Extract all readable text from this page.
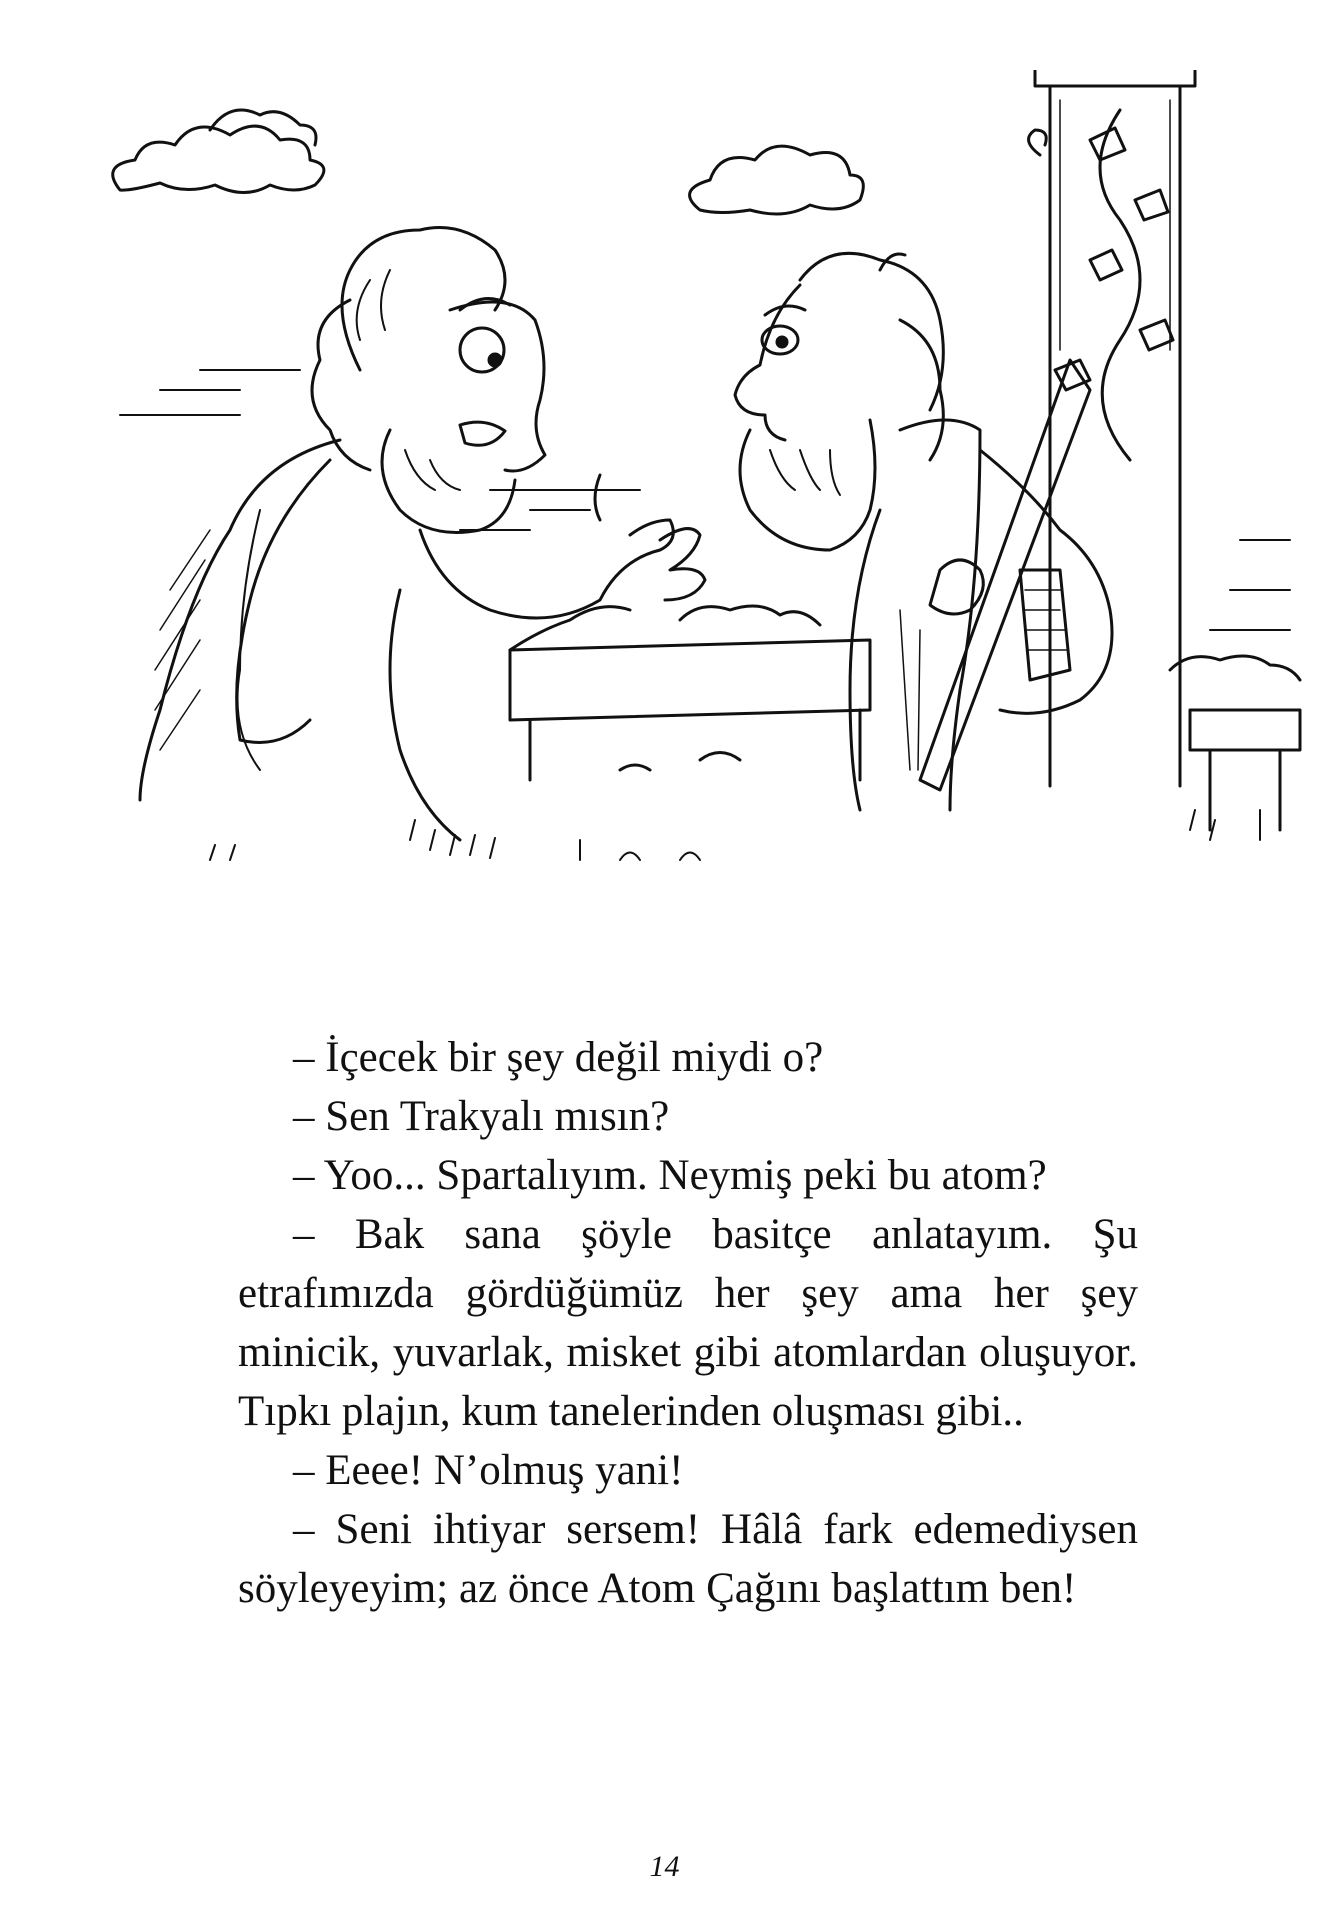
– İçecek bir şey değil miydi o?

– Sen Trakyalı mısın?

– Yoo... Spartalıyım. Neymiş peki bu atom?

– Bak sana şöyle basitçe anlatayım. Şu etrafımızda gördüğümüz her şey ama her şey minicik, yuvarlak, misket gibi atomlardan oluşuyor. Tıpkı plajın, kum tanelerinden oluşması gibi..

– Eeee! N’olmuş yani!

– Seni ihtiyar sersem! Hâlâ fark edemediysen söyleyeyim; az önce Atom Çağını başlattım ben!

14
